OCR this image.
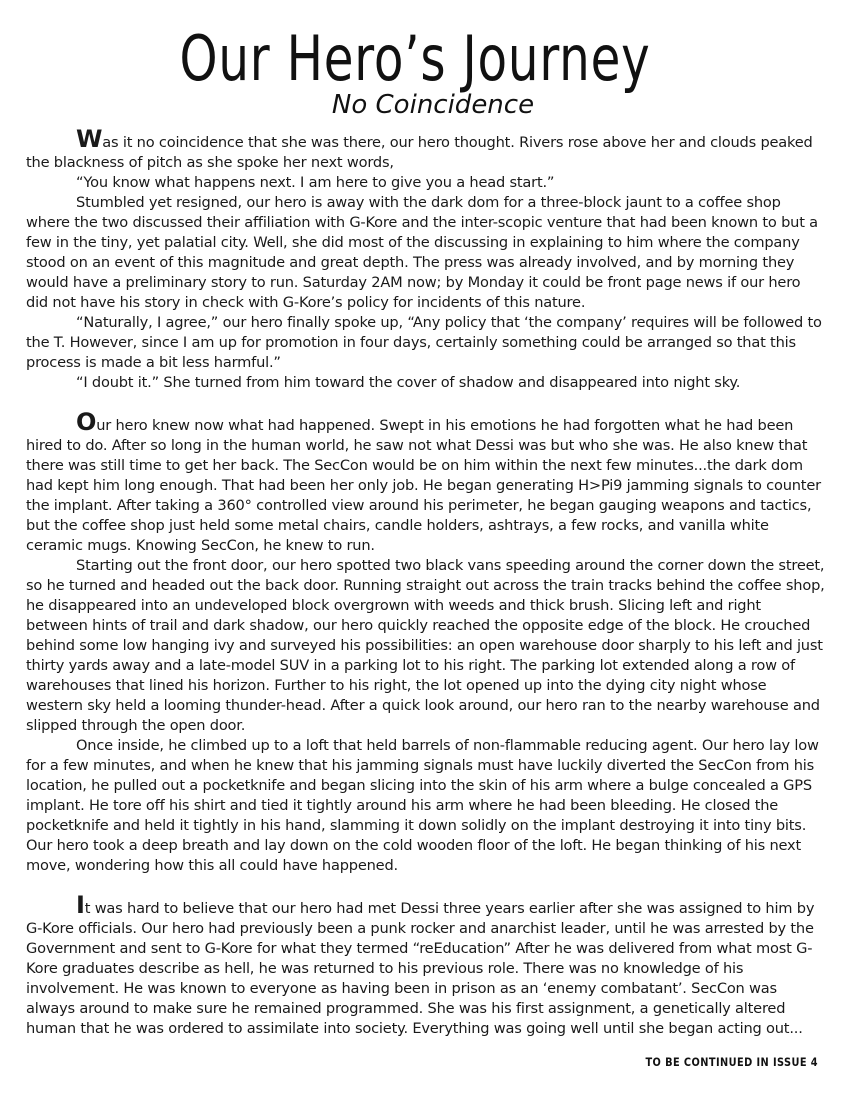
Our Hero’s Journey
No Coincidence

Was it no coincidence that she was there, our hero thought. Rivers rose above her and clouds peaked the blackness of pitch as she spoke her next words,

“You know what happens next. I am here to give you a head start.”

Stumbled yet resigned, our hero is away with the dark dom for a three-block jaunt to a coffee shop where the two discussed their affiliation with G-Kore and the inter-scopic venture that had been known to but a few in the tiny, yet palatial city. Well, she did most of the discussing in explaining to him where the company stood on an event of this magnitude and great depth. The press was already involved, and by morning they would have a preliminary story to run. Saturday 2AM now; by Monday it could be front page news if our hero did not have his story in check with G-Kore’s policy for incidents of this nature.

“Naturally, I agree,” our hero finally spoke up, “Any policy that ‘the company’ requires will be followed to the T. However, since I am up for promotion in four days, certainly something could be arranged so that this process is made a bit less harmful.”

“I doubt it.” She turned from him toward the cover of shadow and disappeared into night sky.

Our hero knew now what had happened. Swept in his emotions he had forgotten what he had been hired to do. After so long in the human world, he saw not what Dessi was but who she was. He also knew that there was still time to get her back. The SecCon would be on him within the next few minutes...the dark dom had kept him long enough. That had been her only job. He began generating H>Pi9 jamming signals to counter the implant. After taking a 360° controlled view around his perimeter, he began gauging weapons and tactics, but the coffee shop just held some metal chairs, candle holders, ashtrays, a few rocks, and vanilla white ceramic mugs. Knowing SecCon, he knew to run.

Starting out the front door, our hero spotted two black vans speeding around the corner down the street, so he turned and headed out the back door. Running straight out across the train tracks behind the coffee shop, he disappeared into an undeveloped block overgrown with weeds and thick brush. Slicing left and right between hints of trail and dark shadow, our hero quickly reached the opposite edge of the block. He crouched behind some low hanging ivy and surveyed his possibilities: an open warehouse door sharply to his left and just thirty yards away and a late-model SUV in a parking lot to his right. The parking lot extended along a row of warehouses that lined his horizon. Further to his right, the lot opened up into the dying city night whose western sky held a looming thunder-head. After a quick look around, our hero ran to the nearby warehouse and slipped through the open door.

Once inside, he climbed up to a loft that held barrels of non-flammable reducing agent. Our hero lay low for a few minutes, and when he knew that his jamming signals must have luckily diverted the SecCon from his location, he pulled out a pocketknife and began slicing into the skin of his arm where a bulge concealed a GPS implant. He tore off his shirt and tied it tightly around his arm where he had been bleeding. He closed the pocketknife and held it tightly in his hand, slamming it down solidly on the implant destroying it into tiny bits. Our hero took a deep breath and lay down on the cold wooden floor of the loft. He began thinking of his next move, wondering how this all could have happened.

It was hard to believe that our hero had met Dessi three years earlier after she was assigned to him by G-Kore officials. Our hero had previously been a punk rocker and anarchist leader, until he was arrested by the Government and sent to G-Kore for what they termed “reEducation” After he was delivered from what most G-Kore graduates describe as hell, he was returned to his previous role. There was no knowledge of his involvement. He was known to everyone as having been in prison as an ‘enemy combatant’. SecCon was always around to make sure he remained programmed. She was his first assignment, a genetically altered human that he was ordered to assimilate into society. Everything was going well until she began acting out...

TO BE CONTINUED IN ISSUE 4
